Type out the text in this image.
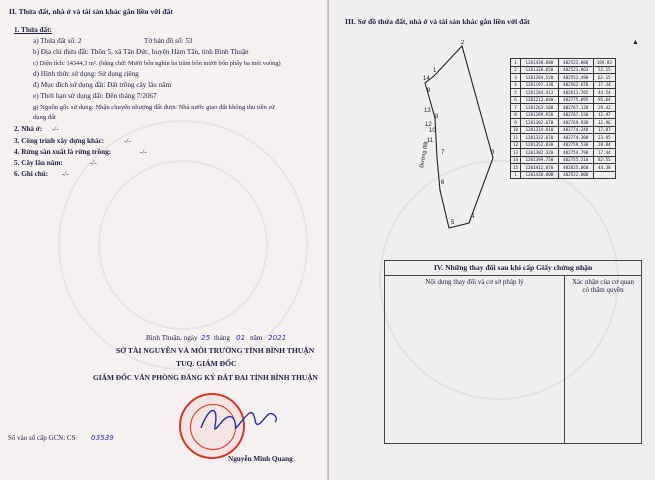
II. Thửa đất, nhà ở và tài sản khác gắn liền với đất
1. Thửa đất:
a) Thửa đất số: 2	Tờ bản đồ số: 53
b) Địa chỉ thửa đất: Thôn 5, xã Tân Đức, huyện Hàm Tân, tỉnh Bình Thuận
c) Diện tích: 14344,3 m². (bằng chữ: Mười bốn nghìn ba trăm bốn mươi bốn phẩy ba mét vuông)
d) Hình thức sử dụng: Sử dụng riêng
đ) Mục đích sử dụng đất: Đất trồng cây lâu năm
e) Thời hạn sử dụng đất: Đến tháng 7/2067
g) Nguồn gốc sử dụng: Nhận chuyển nhượng đất được Nhà nước giao đất không thu tiền sử
dụng đất
2. Nhà ở: -/-
3. Công trình xây dựng khác:	-/-
4. Rừng sản xuất là rừng trồng:	-/-
5. Cây lâu năm:	-/-
6. Ghi chú: -/-
Bình Thuận, ngày 25 tháng 01 năm 2021
SỞ TÀI NGUYÊN VÀ MÔI TRƯỜNG TỈNH BÌNH THUẬN
TUQ. GIÁM ĐỐC
GIÁM ĐỐC VĂN PHÒNG ĐĂNG KÝ ĐẤT ĐAI TỈNH BÌNH THUẬN
Nguyễn Minh Quang
Số vào sổ cấp GCN: CS 03539
III. Sơ đồ thửa đất, nhà ở và tài sản khác gắn liền với đất
1
2
3
4
5
6
7
8
9
10
11
12
13
14
Đường đất
▲
1	1201438.000	402522.000	189.83
2	1201328.050	402523.863	52.15
3	1201284.520	402552.490	62.15
4	1201197.330	402562.670	17.34
5	1201184.413	402611.705	44.54
6	1201213.040	402775.095	95.64
7	1201263.100	402767.120	29.42
8	1201289.920	402767.530	12.97
9	1201302.670	402769.930	12.96
10	1201314.810	402774.240	17.87
11	1201332.670	402774.300	23.95
12	1201352.830	402759.530	28.84
13	1201382.320	402754.790	17.44
14	1201399.750	402755.310	82.55
15	1201411.870	402825.860	44.38
1	1201438.000	402522.000	
IV. Những thay đổi sau khi cấp Giấy chứng nhận
Nội dung thay đổi và cơ sở pháp lý	Xác nhận của cơ quan có thẩm quyền
